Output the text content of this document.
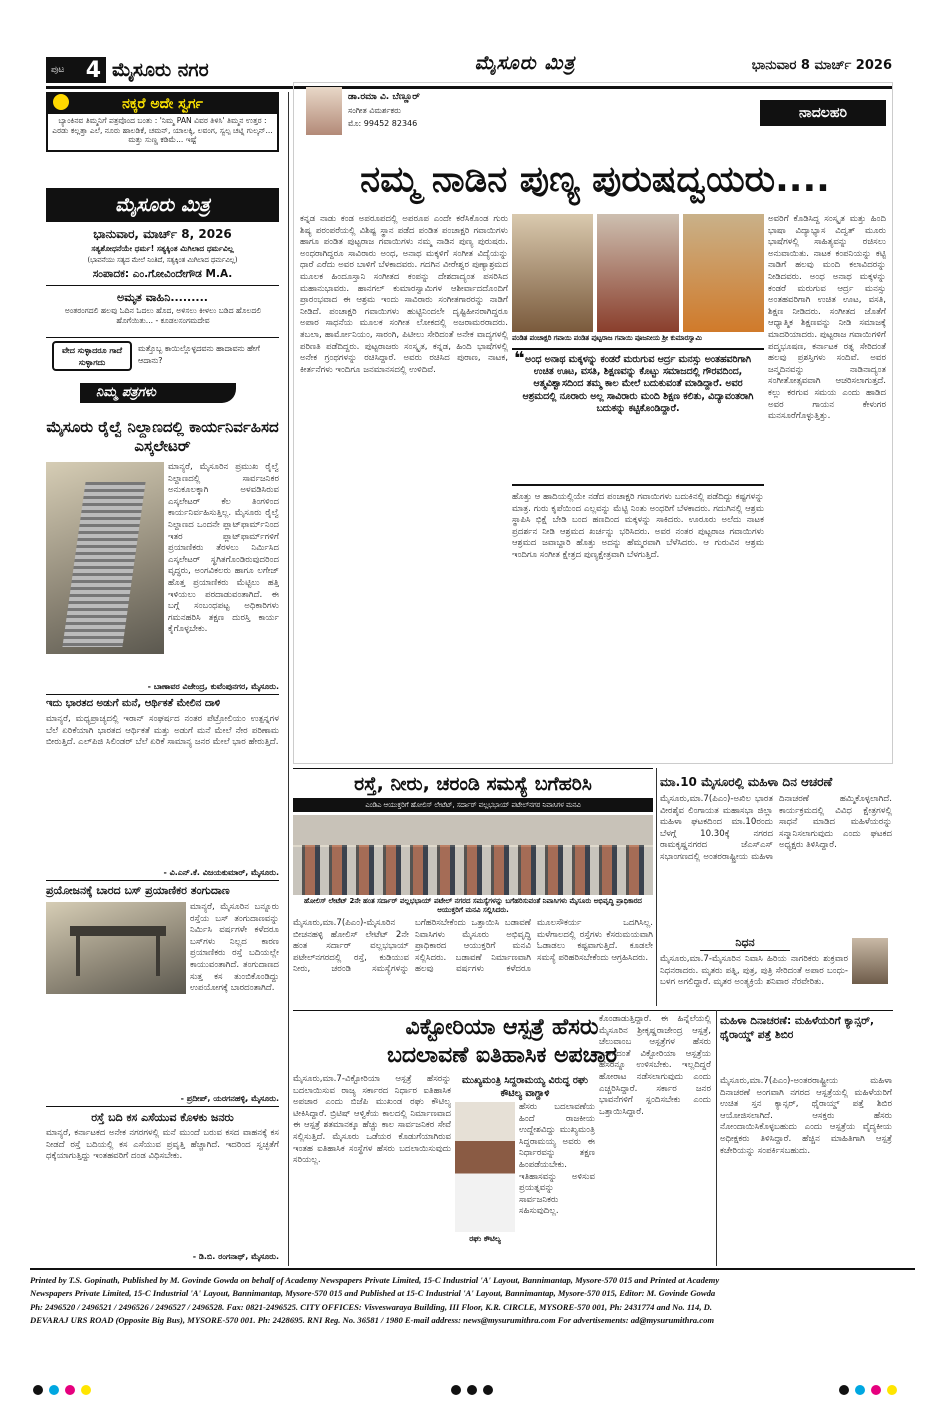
ಪುಟ 4 ಮೈಸೂರು ನಗರ	ಮೈಸೂರು ಮಿತ್ರ	ಭಾನುವಾರ 8 ಮಾರ್ಚ್ 2026
ನಕ್ಕರೆ ಅದೇ ಸ್ವರ್ಗ
ಬ್ಯಾಂಕಿನವ ತಿಮ್ಮನಿಗೆ ಪತ್ರವೊಂದ ಬಂತು : 'ನಿಮ್ಮ PAN ವಿವರ ತಿಳಿಸಿ' ತಿಮ್ಮನ ಉತ್ತರ : ಎರಡು ಕಲ್ಲತ್ತಾ ಎಲೆ, ನೂರು ಹಾಲಡಿಕೆ, ಚಮನ್, ಯಾಲಕ್ಕಿ, ಲವಂಗ, ಸ್ವಲ್ಪ ಚಟ್ನಿ ಗುಲ್ಕನ್... ಮತ್ತು ಸುಣ್ಣ ಕಡಿಮೆ... ಇಷ್ಟೆ
ಮೈಸೂರು ಮಿತ್ರ
ಭಾನುವಾರ, ಮಾರ್ಚ್ 8, 2026
ಸತ್ಯಶೋಧನೆಯೇ ಧರ್ಮ! ಸತ್ಯಕ್ಕಿಂತ ಮಿಗಿಲಾದ ಧರ್ಮವಿಲ್ಲ
(ಭಾವನೆಯು ಸತ್ಯದ ಮೇಲೆ ನಿಂತಿದೆ, ಸತ್ಯಕ್ಕಿಂತ ಮಿಗಿಲಾದ ಧರ್ಮವಿಲ್ಲ)
ಸಂಪಾದಕ: ಎಂ.ಗೋವಿಂದೇಗೌಡ M.A.
ಅಮೃತ ವಾಹಿನಿ.........
ಅಂತರಂಗದಲಿ ಹಲವು ಓದಿನ ಓದಲು ಹೊದ, ಅಳಿಸಲು ಕೀಳಲು ಬಡಿದ ಹೊಲದಲಿ ಹೊಗೆಯಿತು... - ಕೂಡಲಸಂಗಮದೇವ
ವೇದ ಸುಳ್ಳಾದರೂ ಗಾದೆ ಸುಳ್ಳಾಗದು
ಮತ್ತೊಬ್ಬ ಕಾಯಿಲ್ಲೊಳ್ಳದವನು ಹಾದಾವನು ಹೇಗೆ ಆದಾನು?
ನಿಮ್ಮ ಪತ್ರಗಳು
ಮೈಸೂರು ರೈಲ್ವೆ ನಿಲ್ದಾಣದಲ್ಲಿ ಕಾರ್ಯನಿರ್ವಹಿಸದ ಎಸ್ಕಲೇಟರ್
ಮಾನ್ಯರೆ, ಮೈಸೂರಿನ ಪ್ರಮುಖ ರೈಲ್ವೆ ನಿಲ್ದಾಣದಲ್ಲಿ ಸಾರ್ವಜನಿಕರ ಅನುಕೂಲಕ್ಕಾಗಿ ಅಳವಡಿಸಿರುವ ಎಸ್ಕಲೇಟರ್ ಕೆಲ ತಿಂಗಳಿಂದ ಕಾರ್ಯನಿರ್ವಹಿಸುತ್ತಿಲ್ಲ. ಮೈಸೂರು ರೈಲ್ವೆ ನಿಲ್ದಾಣದ ಒಂದನೇ ಪ್ಲಾಟ್‌ಫಾರ್ಮ್‌ನಿಂದ ಇತರ ಪ್ಲಾಟ್‌ಫಾರ್ಮ್‌ಗಳಿಗೆ ಪ್ರಯಾಣಿಕರು ತೆರಳಲು ನಿರ್ಮಿಸಿದ ಎಸ್ಕಲೇಟರ್ ಸ್ಥಗಿತಗೊಂಡಿರುವುದರಿಂದ ವೃದ್ಧರು, ಅಂಗವಿಕಲರು ಹಾಗೂ ಲಗೇಜ್ ಹೊತ್ತ ಪ್ರಯಾಣಿಕರು ಮೆಟ್ಟಿಲು ಹತ್ತಿ ಇಳಿಯಲು ಪರದಾಡುವಂತಾಗಿದೆ. ಈ ಬಗ್ಗೆ ಸಂಬಂಧಪಟ್ಟ ಅಧಿಕಾರಿಗಳು ಗಮನಹರಿಸಿ ತಕ್ಷಣ ದುರಸ್ತಿ ಕಾರ್ಯ ಕೈಗೊಳ್ಳಬೇಕು.
- ಬಾಣಾವರ ವಿಜೇಂದ್ರ, ಕುವೆಂಪುನಗರ, ಮೈಸೂರು.
ಇದು ಭಾರತದ ಅಡುಗೆ ಮನೆ, ಆರ್ಥಿಕತೆ ಮೇಲಿನ ದಾಳಿ
ಮಾನ್ಯರೆ, ಮಧ್ಯಪ್ರಾಚ್ಯದಲ್ಲಿ ಇರಾನ್ ಸಂಘರ್ಷದ ನಂತರ ಪೆಟ್ರೋಲಿಯಂ ಉತ್ಪನ್ನಗಳ ಬೆಲೆ ಏರಿಕೆಯಾಗಿ ಭಾರತದ ಆರ್ಥಿಕತೆ ಮತ್ತು ಅಡುಗೆ ಮನೆ ಮೇಲೆ ನೇರ ಪರಿಣಾಮ ಬೀರುತ್ತಿದೆ. ಎಲ್‌ಪಿಜಿ ಸಿಲಿಂಡರ್ ಬೆಲೆ ಏರಿಕೆ ಸಾಮಾನ್ಯ ಜನರ ಮೇಲೆ ಭಾರ ಹೇರುತ್ತಿದೆ.
- ವಿ.ಎನ್.ಕೆ. ವಿಜಯಕುಮಾರ್, ಮೈಸೂರು.
ಪ್ರಯೋಜನಕ್ಕೆ ಬಾರದ ಬಸ್ ಪ್ರಯಾಣಿಕರ ತಂಗುದಾಣ
ಮಾನ್ಯರೆ, ಮೈಸೂರಿನ ಬನ್ನೂರು ರಸ್ತೆಯ ಬಸ್ ತಂಗುದಾಣವನ್ನು ನಿರ್ಮಿಸಿ ವರ್ಷಗಳೇ ಕಳೆದರೂ ಬಸ್‌ಗಳು ನಿಲ್ಲದ ಕಾರಣ ಪ್ರಯಾಣಿಕರು ರಸ್ತೆ ಬದಿಯಲ್ಲೇ ಕಾಯುವಂತಾಗಿದೆ. ತಂಗುದಾಣದ ಸುತ್ತ ಕಸ ತುಂಬಿಕೊಂಡಿದ್ದು ಉಪಯೋಗಕ್ಕೆ ಬಾರದಂತಾಗಿದೆ.
- ಪ್ರದೀಪ್, ಯರಗನಹಳ್ಳಿ, ಮೈಸೂರು.
ರಸ್ತೆ ಬದಿ ಕಸ ಎಸೆಯುವ ಕೊಳಕು ಜನರು
ಮಾನ್ಯರೆ, ಕರ್ನಾಟಕದ ಅನೇಕ ನಗರಗಳಲ್ಲಿ ಮನೆ ಮುಂದೆ ಬರುವ ಕಸದ ವಾಹನಕ್ಕೆ ಕಸ ನೀಡದೆ ರಸ್ತೆ ಬದಿಯಲ್ಲಿ ಕಸ ಎಸೆಯುವ ಪ್ರವೃತ್ತಿ ಹೆಚ್ಚಾಗಿದೆ. ಇದರಿಂದ ಸ್ವಚ್ಛತೆಗೆ ಧಕ್ಕೆಯಾಗುತ್ತಿದ್ದು ಇಂತಹವರಿಗೆ ದಂಡ ವಿಧಿಸಬೇಕು.
- ಡಿ.ಬಿ. ರಂಗನಾಥ್, ಮೈಸೂರು.
ಡಾ.ರಮಾ ವಿ. ಬೆಣ್ಣೂರ್
ಸಂಗೀತ ವಿಮರ್ಶಕರು
ಮೊ: 99452 82346
ನಾದಲಹರಿ
ನಮ್ಮ ನಾಡಿನ ಪುಣ್ಯ ಪುರುಷದ್ವಯರು....
ಕನ್ನಡ ನಾಡು ಕಂಡ ಅಪರೂಪದಲ್ಲಿ ಅಪರೂಪ ಎಂದೇ ಕರೆಸಿಕೊಂಡ ಗುರು ಶಿಷ್ಯ ಪರಂಪರೆಯಲ್ಲಿ ವಿಶಿಷ್ಟ ಸ್ಥಾನ ಪಡೆದ ಪಂಡಿತ ಪಂಚಾಕ್ಷರಿ ಗವಾಯಿಗಳು ಹಾಗೂ ಪಂಡಿತ ಪುಟ್ಟರಾಜ ಗವಾಯಿಗಳು ನಮ್ಮ ನಾಡಿನ ಪುಣ್ಯ ಪುರುಷರು. ಅಂಧರಾಗಿದ್ದರೂ ಸಾವಿರಾರು ಅಂಧ, ಅನಾಥ ಮಕ್ಕಳಿಗೆ ಸಂಗೀತ ವಿದ್ಯೆಯನ್ನು ಧಾರೆ ಎರೆದು ಅವರ ಬಾಳಿಗೆ ಬೆಳಕಾದವರು. ಗದಗಿನ ವೀರೇಶ್ವರ ಪುಣ್ಯಾಶ್ರಮದ ಮೂಲಕ ಹಿಂದೂಸ್ತಾನಿ ಸಂಗೀತದ ಕಂಪನ್ನು ದೇಶದಾದ್ಯಂತ ಪಸರಿಸಿದ ಮಹಾನುಭಾವರು. ಹಾನಗಲ್ ಕುಮಾರಸ್ವಾಮಿಗಳ ಆಶೀರ್ವಾದದೊಂದಿಗೆ ಪ್ರಾರಂಭವಾದ ಈ ಆಶ್ರಮ ಇಂದು ಸಾವಿರಾರು ಸಂಗೀತಗಾರರನ್ನು ನಾಡಿಗೆ ನೀಡಿದೆ. ಪಂಚಾಕ್ಷರಿ ಗವಾಯಿಗಳು ಹುಟ್ಟಿನಿಂದಲೇ ದೃಷ್ಟಿಹೀನರಾಗಿದ್ದರೂ ಅಪಾರ ಸಾಧನೆಯ ಮೂಲಕ ಸಂಗೀತ ಲೋಕದಲ್ಲಿ ಅಜರಾಮರರಾದರು. ತಬಲಾ, ಹಾರ್ಮೋನಿಯಂ, ಸಾರಂಗಿ, ಪಿಟೀಲು ಸೇರಿದಂತೆ ಅನೇಕ ವಾದ್ಯಗಳಲ್ಲಿ ಪರಿಣತಿ ಪಡೆದಿದ್ದರು. ಪುಟ್ಟರಾಜರು ಸಂಸ್ಕೃತ, ಕನ್ನಡ, ಹಿಂದಿ ಭಾಷೆಗಳಲ್ಲಿ ಅನೇಕ ಗ್ರಂಥಗಳನ್ನು ರಚಿಸಿದ್ದಾರೆ. ಅವರು ರಚಿಸಿದ ಪುರಾಣ, ನಾಟಕ, ಕೀರ್ತನೆಗಳು ಇಂದಿಗೂ ಜನಮಾನಸದಲ್ಲಿ ಉಳಿದಿವೆ.
ಪಂಡಿತ ಪಂಚಾಕ್ಷರಿ ಗವಾಯಿ ಪಂಡಿತ ಪುಟ್ಟರಾಜ ಗವಾಯಿ ಪೂಜನೀಯ ಶ್ರೀ ಕುಮಾರಸ್ವಾಮಿ
ಅವರಿಗೆ ಕೊಡಿಸಿದ್ದ ಸಂಸ್ಕೃತ ಮತ್ತು ಹಿಂದಿ ಭಾಷಾ ವಿದ್ಯಾಭ್ಯಾಸ ವಿದ್ವತ್ ಮೂರು ಭಾಷೆಗಳಲ್ಲಿ ಸಾಹಿತ್ಯವನ್ನು ರಚಿಸಲು ಅನುವಾಯಿತು. ನಾಟಕ ಕಂಪನಿಯನ್ನು ಕಟ್ಟಿ ನಾಡಿಗೆ ಹಲವು ಮಂದಿ ಕಲಾವಿದರನ್ನು ನೀಡಿದವರು. ಅಂಧ ಅನಾಥ ಮಕ್ಕಳನ್ನು ಕಂಡರೆ ಮರುಗುವ ಆರ್ದ್ರ ಮನಸ್ಸು ಅಂತಹವರಿಗಾಗಿ ಉಚಿತ ಊಟ, ವಸತಿ, ಶಿಕ್ಷಣ ನೀಡಿದರು. ಸಂಗೀತದ ಜೊತೆಗೆ ಆಧ್ಯಾತ್ಮಿಕ ಶಿಕ್ಷಣವನ್ನು ನೀಡಿ ಸಮಾಜಕ್ಕೆ ಮಾದರಿಯಾದರು. ಪುಟ್ಟರಾಜ ಗವಾಯಿಗಳಿಗೆ ಪದ್ಮಭೂಷಣ, ಕರ್ನಾಟಕ ರತ್ನ ಸೇರಿದಂತೆ ಹಲವು ಪ್ರಶಸ್ತಿಗಳು ಸಂದಿವೆ. ಅವರ ಜನ್ಮದಿನವನ್ನು ನಾಡಿನಾದ್ಯಂತ ಸಂಗೀತೋತ್ಸವವಾಗಿ ಆಚರಿಸಲಾಗುತ್ತದೆ. ಕಲ್ಲು ಕರಗುವ ಸಮಯ ಎಂದು ಹಾಡಿದ ಅವರ ಗಾಯನ ಕೇಳುಗರ ಮನಸೂರೆಗೊಳ್ಳುತ್ತಿತ್ತು.
ಅಂಧ ಅನಾಥ ಮಕ್ಕಳನ್ನು ಕಂಡರೆ ಮರುಗುವ ಆರ್ದ್ರ ಮನಸ್ಸು ಅಂತಹವರಿಗಾಗಿ ಉಚಿತ ಊಟ, ವಸತಿ, ಶಿಕ್ಷಣವನ್ನು ಕೊಟ್ಟು ಸಮಾಜದಲ್ಲಿ ಗೌರವದಿಂದ, ಆತ್ಮವಿಶ್ವಾಸದಿಂದ ತಮ್ಮ ಕಾಲ ಮೇಲೆ ಬದುಕುವಂತೆ ಮಾಡಿದ್ದಾರೆ. ಅವರ ಆಶ್ರಮದಲ್ಲಿ ನೂರಾರು ಅಲ್ಲ ಸಾವಿರಾರು ಮಂದಿ ಶಿಕ್ಷಣ ಕಲಿತು, ವಿದ್ಯಾವಂತರಾಗಿ ಬದುಕನ್ನು ಕಟ್ಟಿಕೊಂಡಿದ್ದಾರೆ.
❝
ಹೊತ್ತು ಆ ಹಾದಿಯಲ್ಲಿಯೇ ನಡೆದ ಪಂಚಾಕ್ಷರಿ ಗವಾಯಿಗಳು ಬದುಕಿನಲ್ಲಿ ಪಡೆದಿದ್ದು ಕಷ್ಟಗಳನ್ನು ಮಾತ್ರ. ಗುರು ಕೃಪೆಯಿಂದ ಎಲ್ಲವನ್ನು ಮೆಟ್ಟಿ ನಿಂತು ಅಂಧರಿಗೆ ಬೆಳಕಾದರು. ಗದುಗಿನಲ್ಲಿ ಆಶ್ರಮ ಸ್ಥಾಪಿಸಿ ಭಿಕ್ಷೆ ಬೇಡಿ ಬಂದ ಹಣದಿಂದ ಮಕ್ಕಳನ್ನು ಸಾಕಿದರು. ಊರೂರು ಅಲೆದು ನಾಟಕ ಪ್ರದರ್ಶನ ನೀಡಿ ಆಶ್ರಮದ ಖರ್ಚನ್ನು ಭರಿಸಿದರು. ಅವರ ನಂತರ ಪುಟ್ಟರಾಜ ಗವಾಯಿಗಳು ಆಶ್ರಮದ ಜವಾಬ್ದಾರಿ ಹೊತ್ತು ಅದನ್ನು ಹೆಮ್ಮರವಾಗಿ ಬೆಳೆಸಿದರು. ಆ ಗುರುವಿನ ಆಶ್ರಮ ಇಂದಿಗೂ ಸಂಗೀತ ಕ್ಷೇತ್ರದ ಪುಣ್ಯಕ್ಷೇತ್ರವಾಗಿ ಬೆಳಗುತ್ತಿದೆ.
ರಸ್ತೆ, ನೀರು, ಚರಂಡಿ ಸಮಸ್ಯೆ ಬಗೆಹರಿಸಿ
ಎಂಡಿಎ ಆಯುಕ್ತರಿಗೆ ಹೋಲಿಸ್ ಲೇಟೆಟ್, ಸರ್ದಾರ್ ವಲ್ಲಭಭಾಯ್ ಪಟೇಲ್‌ನಗರ ನಿವಾಸಿಗಳ ಮನವಿ
ಹೋಲಿಸ್ ಲೇಟೆಟ್ 2ನೇ ಹಂತ ಸರ್ದಾರ್ ವಲ್ಲಭಭಾಯ್ ಪಟೇಲ್ ನಗರದ ಸಮಸ್ಯೆಗಳನ್ನು ಬಗೆಹರಿಸುವಂತೆ ನಿವಾಸಿಗಳು ಮೈಸೂರು ಅಭಿವೃದ್ಧಿ ಪ್ರಾಧಿಕಾರದ ಆಯುಕ್ತರಿಗೆ ಮನವಿ ಸಲ್ಲಿಸಿದರು.
ಮೈಸೂರು,ಮಾ.7(ಪಿಎಂ)-ಮೈಸೂರಿನ ಬೀಚನಹಳ್ಳಿ ಹೋಲಿಸ್ ಲೇಟೆಟ್ 2ನೇ ಹಂತ ಸರ್ದಾರ್ ವಲ್ಲಭಭಾಯ್ ಪಟೇಲ್‌ನಗರದಲ್ಲಿ ರಸ್ತೆ, ಕುಡಿಯುವ ನೀರು, ಚರಂಡಿ ಸಮಸ್ಯೆಗಳನ್ನು ಬಗೆಹರಿಸಬೇಕೆಂದು ಒತ್ತಾಯಿಸಿ ಬಡಾವಣೆ ನಿವಾಸಿಗಳು ಮೈಸೂರು ಅಭಿವೃದ್ಧಿ ಪ್ರಾಧಿಕಾರದ ಆಯುಕ್ತರಿಗೆ ಮನವಿ ಸಲ್ಲಿಸಿದರು. ಬಡಾವಣೆ ನಿರ್ಮಾಣವಾಗಿ ಹಲವು ವರ್ಷಗಳು ಕಳೆದರೂ ಮೂಲಸೌಕರ್ಯ ಒದಗಿಸಿಲ್ಲ. ಮಳೆಗಾಲದಲ್ಲಿ ರಸ್ತೆಗಳು ಕೆಸರುಮಯವಾಗಿ ಓಡಾಡಲು ಕಷ್ಟವಾಗುತ್ತಿದೆ. ಕೂಡಲೇ ಸಮಸ್ಯೆ ಪರಿಹರಿಸಬೇಕೆಂದು ಆಗ್ರಹಿಸಿದರು.
ಮಾ.10 ಮೈಸೂರಲ್ಲಿ ಮಹಿಳಾ ದಿನ ಆಚರಣೆ
ಮೈಸೂರು,ಮಾ.7(ಪಿಎಂ)-ಅಖಿಲ ಭಾರತ ವೀರಶೈವ ಲಿಂಗಾಯತ ಮಹಾಸಭಾ ಜಿಲ್ಲಾ ಮಹಿಳಾ ಘಟಕದಿಂದ ಮಾ.10ರಂದು ಬೆಳಗ್ಗೆ 10.30ಕ್ಕೆ ನಗರದ ರಾಮಕೃಷ್ಣನಗರದ ಜೆಎಸ್‌ಎಸ್ ಸಭಾಂಗಣದಲ್ಲಿ ಅಂತರರಾಷ್ಟ್ರೀಯ ಮಹಿಳಾ ದಿನಾಚರಣೆ ಹಮ್ಮಿಕೊಳ್ಳಲಾಗಿದೆ. ಕಾರ್ಯಕ್ರಮದಲ್ಲಿ ವಿವಿಧ ಕ್ಷೇತ್ರಗಳಲ್ಲಿ ಸಾಧನೆ ಮಾಡಿದ ಮಹಿಳೆಯರನ್ನು ಸನ್ಮಾನಿಸಲಾಗುವುದು ಎಂದು ಘಟಕದ ಅಧ್ಯಕ್ಷರು ತಿಳಿಸಿದ್ದಾರೆ.
ನಿಧನ
ಮೈಸೂರು,ಮಾ.7-ಮೈಸೂರಿನ ನಿವಾಸಿ ಹಿರಿಯ ನಾಗರಿಕರು ಶುಕ್ರವಾರ ನಿಧನರಾದರು. ಮೃತರು ಪತ್ನಿ, ಪುತ್ರ, ಪುತ್ರಿ ಸೇರಿದಂತೆ ಅಪಾರ ಬಂಧು-ಬಳಗ ಅಗಲಿದ್ದಾರೆ. ಮೃತರ ಅಂತ್ಯಕ್ರಿಯೆ ಶನಿವಾರ ನೆರವೇರಿತು.
ವಿಕ್ಟೋರಿಯಾ ಆಸ್ಪತ್ರೆ ಹೆಸರು
ಬದಲಾವಣೆ ಐತಿಹಾಸಿಕ ಅಪಚಾರ
ಮೈಸೂರು,ಮಾ.7-ವಿಕ್ಟೋರಿಯಾ ಆಸ್ಪತ್ರೆ ಹೆಸರನ್ನು ಬದಲಾಯಿಸುವ ರಾಜ್ಯ ಸರ್ಕಾರದ ನಿರ್ಧಾರ ಐತಿಹಾಸಿಕ ಅಪಚಾರ ಎಂದು ಬಿಜೆಪಿ ಮುಖಂಡ ರಘು ಕೌಟಿಲ್ಯ ಟೀಕಿಸಿದ್ದಾರೆ. ಬ್ರಿಟಿಷ್ ಆಳ್ವಿಕೆಯ ಕಾಲದಲ್ಲಿ ನಿರ್ಮಾಣವಾದ ಈ ಆಸ್ಪತ್ರೆ ಶತಮಾನಕ್ಕೂ ಹೆಚ್ಚು ಕಾಲ ಸಾರ್ವಜನಿಕರ ಸೇವೆ ಸಲ್ಲಿಸುತ್ತಿದೆ. ಮೈಸೂರು ಒಡೆಯರ ಕೊಡುಗೆಯಾಗಿರುವ ಇಂತಹ ಐತಿಹಾಸಿಕ ಸಂಸ್ಥೆಗಳ ಹೆಸರು ಬದಲಾಯಿಸುವುದು ಸರಿಯಲ್ಲ.
ಮುಖ್ಯಮಂತ್ರಿ ಸಿದ್ದರಾಮಯ್ಯ ವಿರುದ್ಧ ರಘು ಕೌಟಿಲ್ಯ ವಾಗ್ದಾಳಿ
ರಘು ಕೌಟಿಲ್ಯ
ಹೆಸರು ಬದಲಾವಣೆಯ ಹಿಂದೆ ರಾಜಕೀಯ ಉದ್ದೇಶವಿದ್ದು ಮುಖ್ಯಮಂತ್ರಿ ಸಿದ್ದರಾಮಯ್ಯ ಅವರು ಈ ನಿರ್ಧಾರವನ್ನು ತಕ್ಷಣ ಹಿಂಪಡೆಯಬೇಕು. ಇತಿಹಾಸವನ್ನು ಅಳಿಸುವ ಪ್ರಯತ್ನವನ್ನು ಸಾರ್ವಜನಿಕರು ಸಹಿಸುವುದಿಲ್ಲ.
ಕೊಂಡಾಡುತ್ತಿದ್ದಾರೆ. ಈ ಹಿನ್ನೆಲೆಯಲ್ಲಿ ಮೈಸೂರಿನ ಶ್ರೀಕೃಷ್ಣರಾಜೇಂದ್ರ ಆಸ್ಪತ್ರೆ, ಚೆಲುವಾಂಬ ಆಸ್ಪತ್ರೆಗಳ ಹೆಸರು ಉಳಿಸಿದಂತೆ ವಿಕ್ಟೋರಿಯಾ ಆಸ್ಪತ್ರೆಯ ಹೆಸರನ್ನೂ ಉಳಿಸಬೇಕು. ಇಲ್ಲದಿದ್ದರೆ ಹೋರಾಟ ನಡೆಸಲಾಗುವುದು ಎಂದು ಎಚ್ಚರಿಸಿದ್ದಾರೆ. ಸರ್ಕಾರ ಜನರ ಭಾವನೆಗಳಿಗೆ ಸ್ಪಂದಿಸಬೇಕು ಎಂದು ಒತ್ತಾಯಿಸಿದ್ದಾರೆ.
ಮಹಿಳಾ ದಿನಾಚರಣೆ: ಮಹಿಳೆಯರಿಗೆ ಕ್ಯಾನ್ಸರ್, ಥೈರಾಯ್ಡ್ ಪತ್ತೆ ಶಿಬಿರ
ಮೈಸೂರು,ಮಾ.7(ಪಿಎಂ)-ಅಂತರರಾಷ್ಟ್ರೀಯ ಮಹಿಳಾ ದಿನಾಚರಣೆ ಅಂಗವಾಗಿ ನಗರದ ಆಸ್ಪತ್ರೆಯಲ್ಲಿ ಮಹಿಳೆಯರಿಗೆ ಉಚಿತ ಸ್ತನ ಕ್ಯಾನ್ಸರ್, ಥೈರಾಯ್ಡ್ ಪತ್ತೆ ಶಿಬಿರ ಆಯೋಜಿಸಲಾಗಿದೆ. ಆಸಕ್ತರು ಹೆಸರು ನೋಂದಾಯಿಸಿಕೊಳ್ಳಬಹುದು ಎಂದು ಆಸ್ಪತ್ರೆಯ ವೈದ್ಯಕೀಯ ಅಧೀಕ್ಷಕರು ತಿಳಿಸಿದ್ದಾರೆ. ಹೆಚ್ಚಿನ ಮಾಹಿತಿಗಾಗಿ ಆಸ್ಪತ್ರೆ ಕಚೇರಿಯನ್ನು ಸಂಪರ್ಕಿಸಬಹುದು.
Printed by T.S. Gopinath, Published by M. Govinde Gowda on behalf of Academy Newspapers Private Limited, 15-C Industrial 'A' Layout, Bannimantap, Mysore-570 015 and Printed at Academy
Newspapers Private Limited, 15-C Industrial 'A' Layout, Bannimantap, Mysore-570 015 and Published at 15-C Industrial 'A' Layout, Bannimantap, Mysore-570 015, Editor: M. Govinde Gowda
Ph: 2496520 / 2496521 / 2496526 / 2496527 / 2496528. Fax: 0821-2496525. CITY OFFICES: Visveswaraya Building, III Floor, K.R. CIRCLE, MYSORE-570 001, Ph: 2431774 and No. 114, D.
DEVARAJ URS ROAD (Opposite Big Bus), MYSORE-570 001. Ph: 2428695. RNI Reg. No. 36581 / 1980 E-mail address: news@mysurumithra.com For advertisements: ad@mysurumithra.com
